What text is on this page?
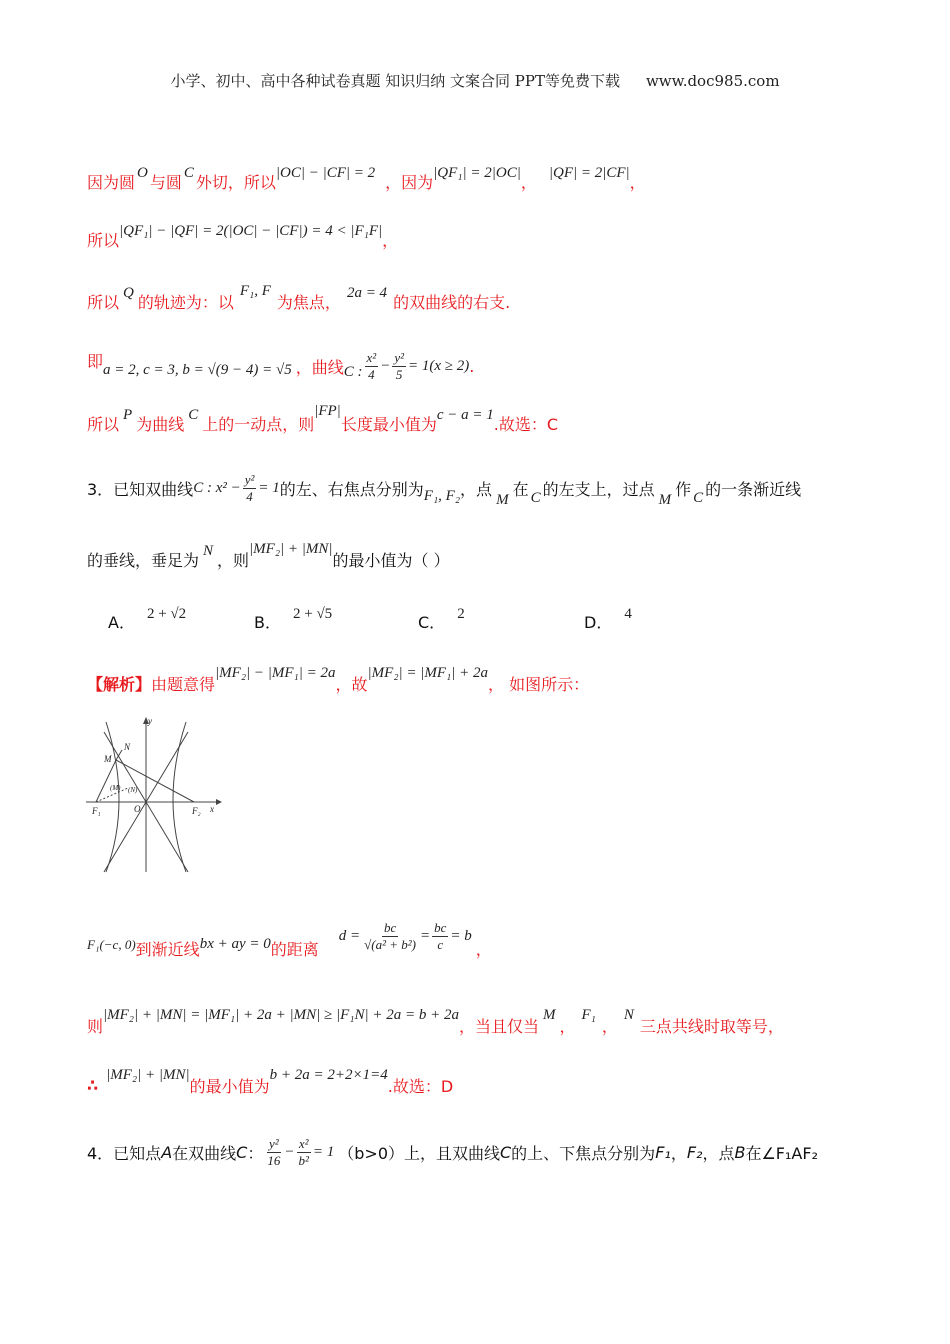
小学、初中、高中各种试卷真题 知识归纳 文案合同 PPT等免费下载 www.doc985.com
因为圆 O 与圆 C 外切，所以 |OC| − |CF| = 2 ，因为 |QF₁| = 2|OC| ， |QF| = 2|CF| ，
所以 |QF₁| − |QF| = 2(|OC| − |CF|) = 4 < |F₁F| ，
所以 Q 的轨迹为：以
F₁, F
为焦点， 2a = 4 的双曲线的右支.
即 a = 2, c = 3, b = √(9 − 4) = √5 ，曲线 C : $\frac{\text{x²}}{4} - \frac{\text{y²}}{5} = 1(x \ge 2)$ .
所以 P 为曲线 C 上的一动点，则
|FP|
长度最小值为 c − a = 1 .故选：C
3．已知双曲线 C : $x^2 - \frac{\text{y²}}{4} = 1$ 的左、右焦点分别为 F₁, F₂ ，点
M
在 C 的左支上，过点
M
作 C 的一条渐近线
的垂线，垂足为 N ，则
|MF₂| + |MN|
的最小值为（ ）
A． 2 + √2	B． 2 + √5	C． 2	D． 4
【解析】 由题意得
|MF₂| − |MF₁| = 2a
，故
|MF₂| = |MF₁| + 2a
， 如图所示：
y
x
N
M
(M) (N)
O
F₁	F₂
F₁(−c, 0) 到渐近线 bx + ay = 0 的距离
$d = \frac{bc}{\text{√(a² + b²)}} = \frac{bc}{c} = b$
，
则
|MF₂| + |MN| = |MF₁| + 2a + |MN| ≥ |F₁N| + 2a = b + 2a
，当且仅当
M
，
F₁
，
N
三点共线时取等号，
∴
|MF₂| + |MN|
的最小值为
b + 2a = 2+2×1=4
.故选：D
4．已知点 A 在双曲线 C ： $\frac{\text{y²}}{16} - \frac{\text{x²}}{\text{b²}} = 1$ （b>0）上，且双曲线 C 的上、下焦点分别为 F₁ ， F₂ ，点 B 在∠F₁AF₂
